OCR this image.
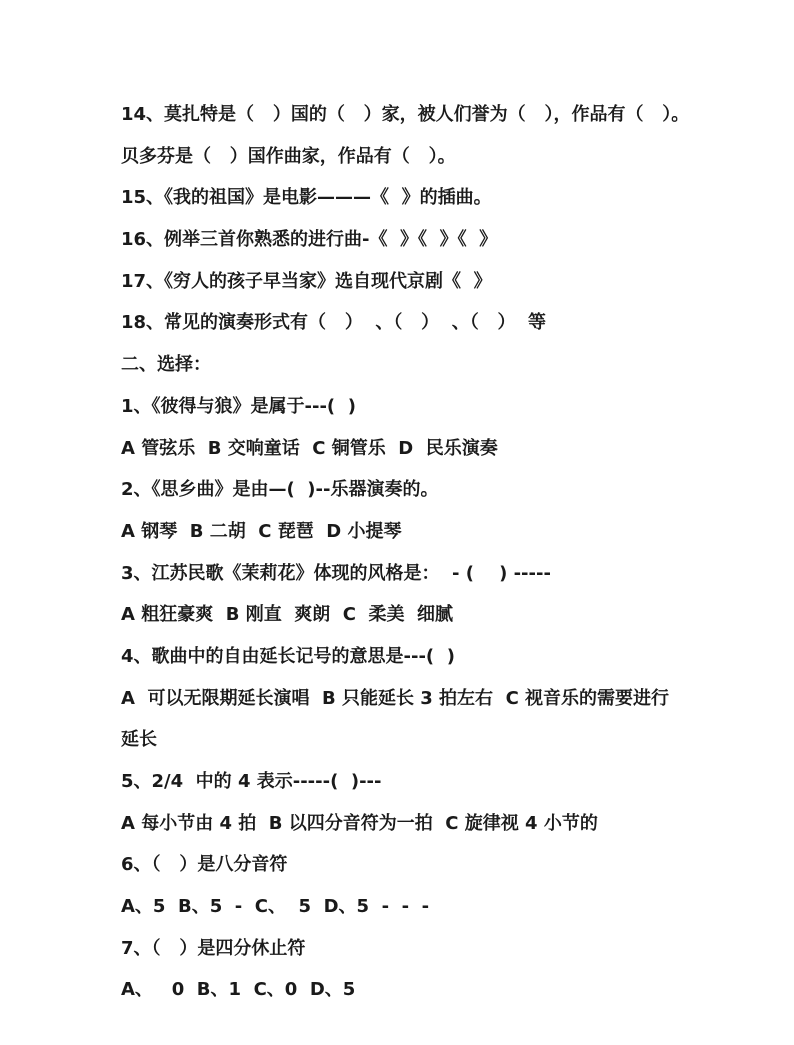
14、莫扎特是（   ）国的（   ）家，被人们誉为（   ），作品有（   ）。
贝多芬是（   ）国作曲家，作品有（   ）。
15、《我的祖国》是电影———《  》的插曲。
16、例举三首你熟悉的进行曲-《  》《  》《  》
17、《穷人的孩子早当家》选自现代京剧《  》
18、常见的演奏形式有（   ）  、（   ）  、（   ）  等
二、选择：
1、《彼得与狼》是属于---(  )
A 管弦乐  B 交响童话  C 铜管乐  D  民乐演奏
2、《思乡曲》是由—(  )--乐器演奏的。
A 钢琴  B 二胡  C 琵琶  D 小提琴
3、江苏民歌《茉莉花》体现的风格是：  - (    ) -----
A 粗狂豪爽  B 刚直  爽朗  C  柔美  细腻
4、歌曲中的自由延长记号的意思是---(  )
A  可以无限期延长演唱  B 只能延长 3 拍左右  C 视音乐的需要进行
延长
5、2/4  中的 4 表示-----(  )---
A 每小节由 4 拍  B 以四分音符为一拍  C 旋律视 4 小节的
6、（   ）是八分音符
A、5  B、5  -  C、  5  D、5  -  -  -
7、（   ）是四分休止符
A、   0  B、1  C、0  D、5
